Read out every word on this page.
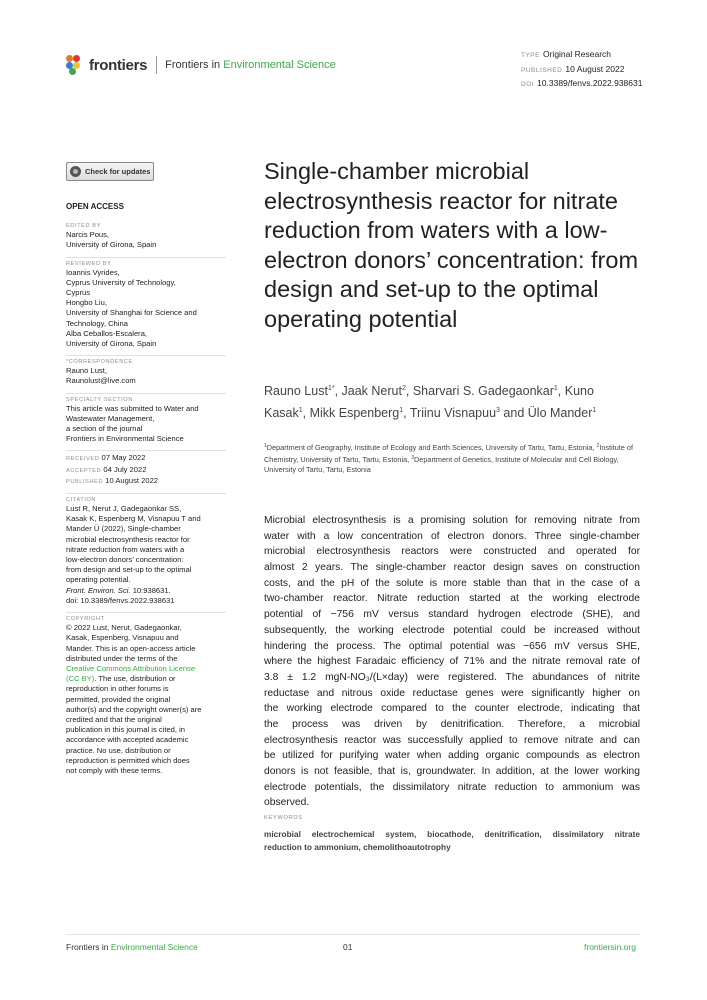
frontiers Frontiers in Environmental Science
TYPE Original Research
PUBLISHED 10 August 2022
DOI 10.3389/fenvs.2022.938631
Check for updates
OPEN ACCESS
EDITED BY
Narcis Pous,
University of Girona, Spain
REVIEWED BY
Ioannis Vyrides,
Cyprus University of Technology,
Cyprus
Hongbo Liu,
University of Shanghai for Science and
Technology, China
Alba Ceballos-Escalera,
University of Girona, Spain
*CORRESPONDENCE
Rauno Lust,
Raunolust@live.com
SPECIALTY SECTION
This article was submitted to Water and
Wastewater Management,
a section of the journal
Frontiers in Environmental Science
RECEIVED 07 May 2022
ACCEPTED 04 July 2022
PUBLISHED 10 August 2022
CITATION
Lust R, Nerut J, Gadegaonkar SS,
Kasak K, Espenberg M, Visnapuu T and
Mander Ü (2022), Single-chamber
microbial electrosynthesis reactor for
nitrate reduction from waters with a
low-electron donors’ concentration:
from design and set-up to the optimal
operating potential.
Front. Environ. Sci. 10:938631.
doi: 10.3389/fenvs.2022.938631
COPYRIGHT
© 2022 Lust, Nerut, Gadegaonkar,
Kasak, Espenberg, Visnapuu and
Mander. This is an open-access article
distributed under the terms of the
Creative Commons Attribution License
(CC BY). The use, distribution or
reproduction in other forums is
permitted, provided the original
author(s) and the copyright owner(s) are
credited and that the original
publication in this journal is cited, in
accordance with accepted academic
practice. No use, distribution or
reproduction is permitted which does
not comply with these terms.
Single-chamber microbial electrosynthesis reactor for nitrate reduction from waters with a low-electron donors’ concentration: from design and set-up to the optimal operating potential
Rauno Lust$^{1*}$, Jaak Nerut$^2$, Sharvari S. Gadegaonkar$^1$, Kuno Kasak$^1$, Mikk Espenberg$^1$, Triinu Visnapuu$^3$ and Ülo Mander$^1$
$^1$Department of Geography, Institute of Ecology and Earth Sciences, University of Tartu, Tartu, Estonia, $^2$Institute of Chemistry, University of Tartu, Tartu, Estonia, $^3$Department of Genetics, Institute of Molecular and Cell Biology, University of Tartu, Tartu, Estonia
Microbial electrosynthesis is a promising solution for removing nitrate from
water with a low concentration of electron donors. Three single-chamber
microbial electrosynthesis reactors were constructed and operated for
almost 2 years. The single-chamber reactor design saves on construction
costs, and the pH of the solute is more stable than that in the case of a
two-chamber reactor. Nitrate reduction started at the working electrode
potential of −756 mV versus standard hydrogen electrode (SHE), and
subsequently, the working electrode potential could be increased without
hindering the process. The optimal potential was −656 mV versus SHE,
where the highest Faradaic efficiency of 71% and the nitrate removal rate of
3.8 ± 1.2 mgN-NO₃/(L×day) were registered. The abundances of nitrite
reductase and nitrous oxide reductase genes were significantly higher on
the working electrode compared to the counter electrode, indicating that
the process was driven by denitrification. Therefore, a microbial
electrosynthesis reactor was successfully applied to remove nitrate and can
be utilized for purifying water when adding organic compounds as electron
donors is not feasible, that is, groundwater. In addition, at the lower working
electrode potentials, the dissimilatory nitrate reduction to ammonium was
observed.
KEYWORDS
microbial electrochemical system, biocathode, denitrification, dissimilatory nitrate
reduction to ammonium, chemolithoautotrophy
Frontiers in Environmental Science	01	frontiersin.org
